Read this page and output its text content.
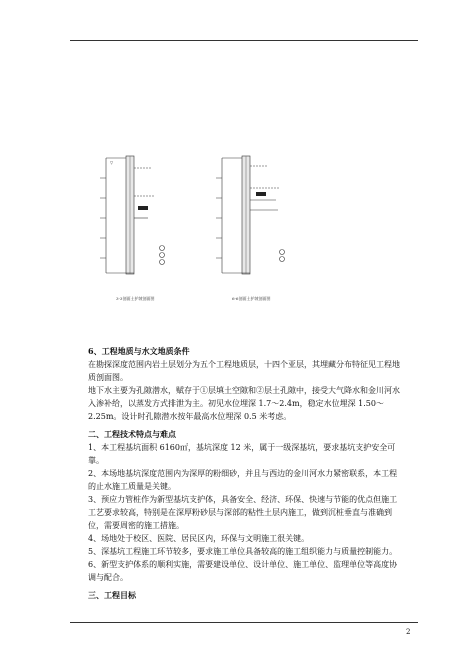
▽
3-3剖面土护坡剖面图	6-6剖面土护坡剖面图

6、工程地质与水文地质条件

在勘探深度范围内岩土层划分为五个工程地质层，十四个亚层，其埋藏分布特征见工程地质剖面图。

地下水主要为孔隙潜水，赋存于①层填土空隙和②层土孔隙中，接受大气降水和金川河水入渗补给，以蒸发方式排泄为主。初见水位埋深 1.7～2.4m，稳定水位埋深 1.50～2.25m。设计时孔隙潜水按年最高水位埋深 0.5 米考虑。

二、工程技术特点与难点

1、本工程基坑面积 6160㎡，基坑深度 12 米，属于一级深基坑，要求基坑支护安全可靠。

2、本场地基坑深度范围内为深厚的粉细砂，并且与西边的金川河水力紧密联系，本工程的止水施工质量是关键。

3、预应力管桩作为新型基坑支护体，具备安全、经济、环保、快速与节能的优点但施工工艺要求较高，特别是在深厚粉砂层与深部的粘性土层内施工，做到沉桩垂直与准确到位，需要周密的施工措施。

4、场地处于校区、医院、居民区内，环保与文明施工很关键。

5、深基坑工程施工环节较多，要求施工单位具备较高的施工组织能力与质量控制能力。

6、新型支护体系的顺利实施，需要建设单位、设计单位、施工单位、监理单位等高度协调与配合。

三、工程目标

2
